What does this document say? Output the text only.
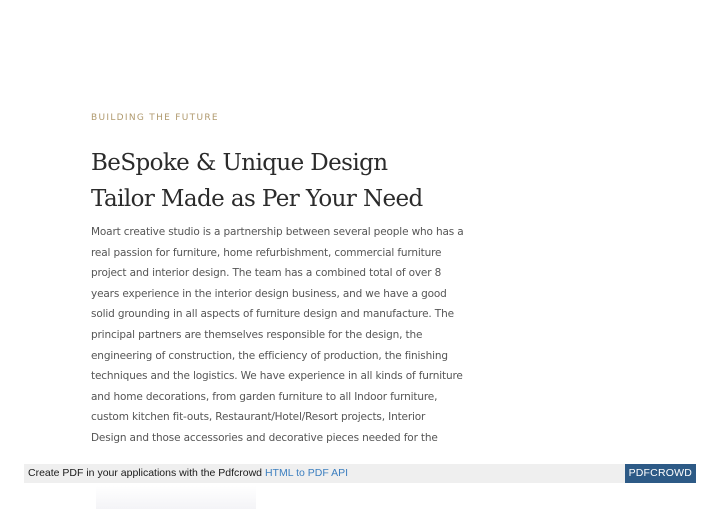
BUILDING THE FUTURE
BeSpoke & Unique Design
Tailor Made as Per Your Need
Moart creative studio is a partnership between several people who has a
real passion for furniture, home refurbishment, commercial furniture
project and interior design. The team has a combined total of over 8
years experience in the interior design business, and we have a good
solid grounding in all aspects of furniture design and manufacture. The
principal partners are themselves responsible for the design, the
engineering of construction, the efficiency of production, the finishing
techniques and the logistics. We have experience in all kinds of furniture
and home decorations, from garden furniture to all Indoor furniture,
custom kitchen fit-outs, Restaurant/Hotel/Resort projects, Interior
Design and those accessories and decorative pieces needed for the
Create PDF in your applications with the Pdfcrowd HTML to PDF API	PDFCROWD
